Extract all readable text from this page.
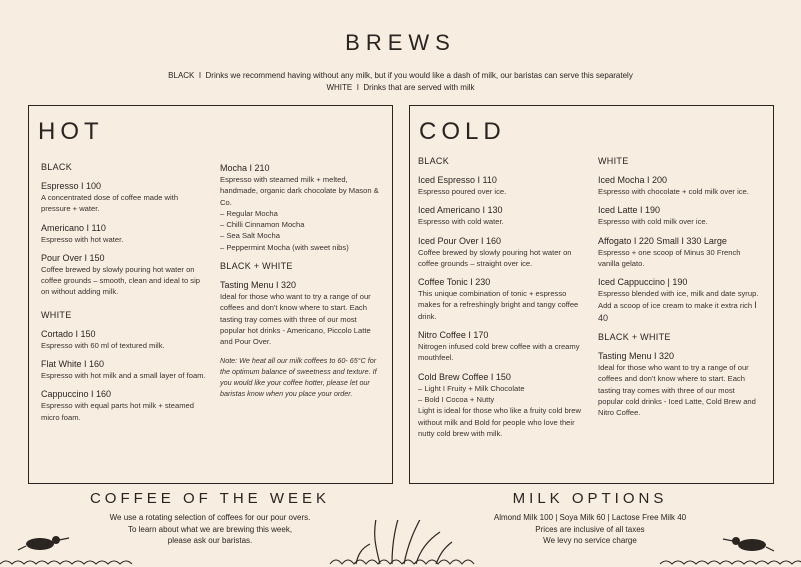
BREWS
BLACK I Drinks we recommend having without any milk, but if you would like a dash of milk, our baristas can serve this separately
WHITE I Drinks that are served with milk
HOT
BLACK
Espresso I 100
A concentrated dose of coffee made with pressure + water.
Americano I 110
Espresso with hot water.
Pour Over I 150
Coffee brewed by slowly pouring hot water on coffee grounds – smooth, clean and ideal to sip on without adding milk.
WHITE
Cortado I 150
Espresso with 60 ml of textured milk.
Flat White I 160
Espresso with hot milk and a small layer of foam.
Cappuccino I 160
Espresso with equal parts hot milk + steamed micro foam.
Mocha I 210
Espresso with steamed milk + melted, handmade, organic dark chocolate by Mason & Co.
– Regular Mocha
– Chilli Cinnamon Mocha
– Sea Salt Mocha
– Peppermint Mocha (with sweet nibs)
BLACK + WHITE
Tasting Menu I 320
Ideal for those who want to try a range of our coffees and don't know where to start. Each tasting tray comes with three of our most popular hot drinks - Americano, Piccolo Latte and Pour Over.
Note: We heat all our milk coffees to 60- 65°C for the optimum balance of sweetness and texture. If you would like your coffee hotter, please let our baristas know when you place your order.
COLD
BLACK
Iced Espresso I 110
Espresso poured over ice.
Iced Americano I 130
Espresso with cold water.
Iced Pour Over I 160
Coffee brewed by slowly pouring hot water on coffee grounds – straight over ice.
Coffee Tonic I 230
This unique combination of tonic + espresso makes for a refreshingly bright and tangy coffee drink.
Nitro Coffee I 170
Nitrogen infused cold brew coffee with a creamy mouthfeel.
Cold Brew Coffee I 150
– Light I Fruity + Milk Chocolate
– Bold I Cocoa + Nutty
Light is ideal for those who like a fruity cold brew without milk and Bold for people who love their nutty cold brew with milk.
WHITE
Iced Mocha I 200
Espresso with chocolate + cold milk over ice.
Iced Latte I 190
Espresso with cold milk over ice.
Affogato I 220 Small I 330 Large
Espresso + one scoop of Minus 30 French vanilla gelato.
Iced Cappuccino | 190
Espresso blended with ice, milk and date syrup.
Add a scoop of ice cream to make it extra rich I 40
BLACK + WHITE
Tasting Menu I 320
Ideal for those who want to try a range of our coffees and don't know where to start. Each tasting tray comes with three of our most popular cold drinks - Iced Latte, Cold Brew and Nitro Coffee.
COFFEE OF THE WEEK
We use a rotating selection of coffees for our pour overs.
To learn about what we are brewing this week,
please ask our baristas.
MILK OPTIONS
Almond Milk 100 | Soya Milk 60 | Lactose Free Milk 40
Prices are inclusive of all taxes
We levy no service charge
